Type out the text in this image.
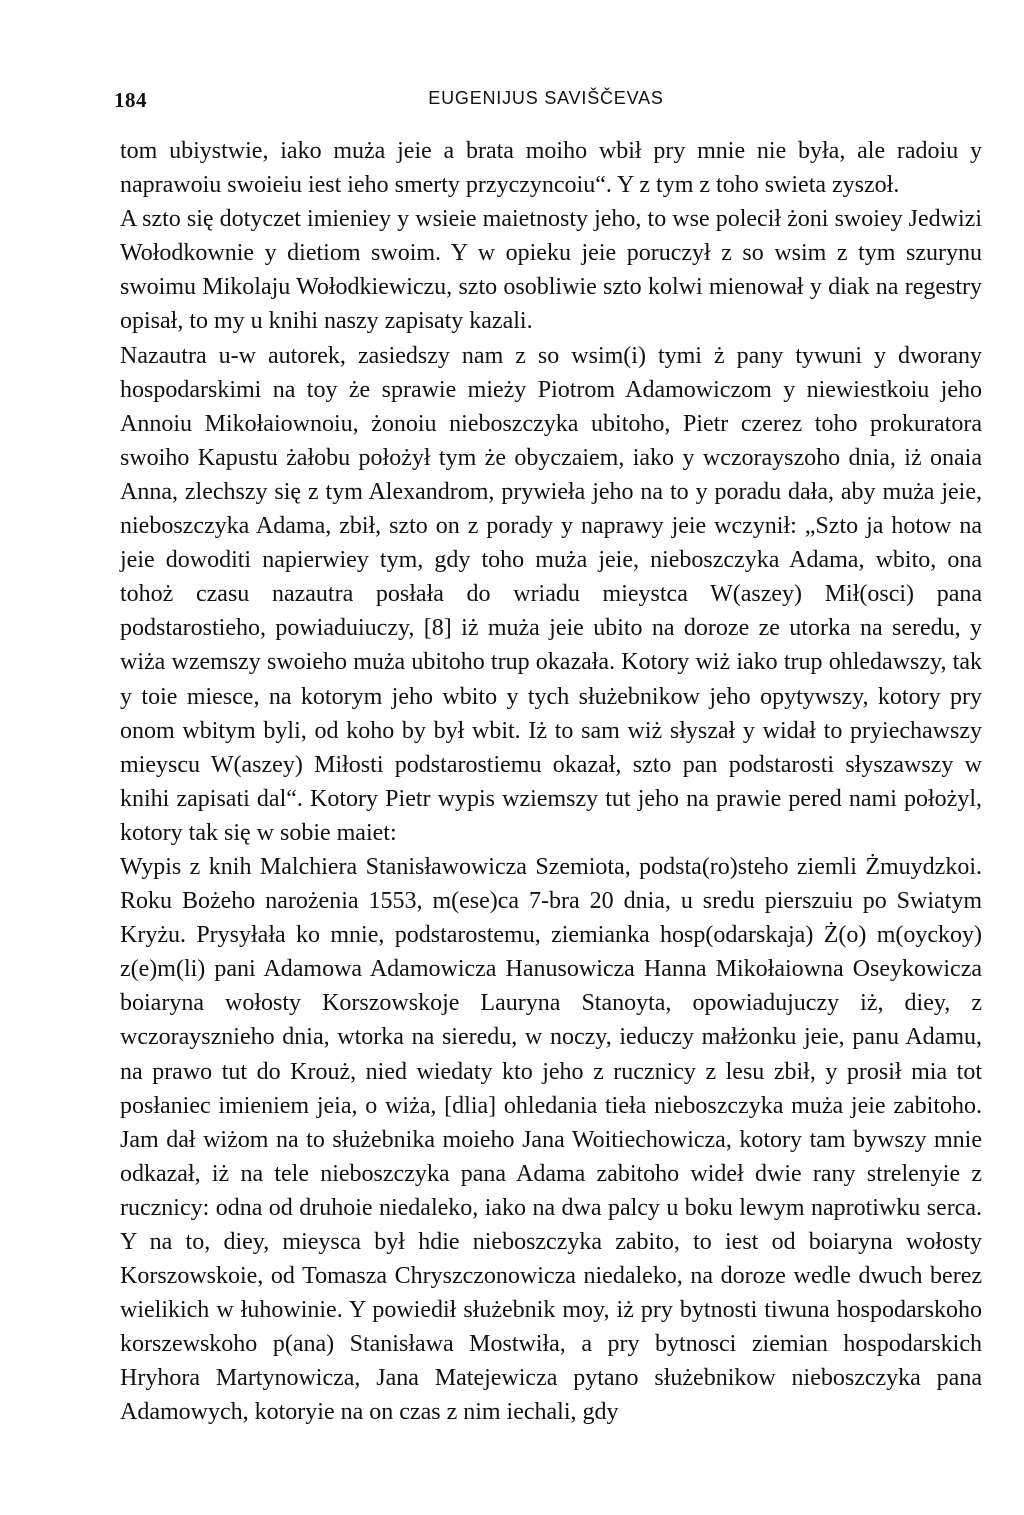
184	EUGENIJUS SAVIŠČEVAS

tom ubiystwie, iako muża jeie a brata moiho wbił pry mnie nie była, ale radoiu y naprawoiu swoieiu iest ieho smerty przyczyncoiu“. Y z tym z toho swieta zyszoł.

A szto się dotyczet imieniey y wsieie maietnosty jeho, to wse polecił żoni swoiey Jedwizi Wołodkownie y dietiom swoim. Y w opieku jeie poruczył z so wsim z tym szurynu swoimu Mikolaju Wołodkiewiczu, szto osobliwie szto kolwi mienował y diak na regestry opisał, to my u knihi naszy zapisaty kazali.

Nazautra u-w autorek, zasiedszy nam z so wsim(i) tymi ż pany tywuni y dworany hospodarskimi na toy że sprawie mieży Piotrom Adamowiczom y niewiestkoiu jeho Annoiu Mikołaiownoiu, żonoiu nieboszczyka ubitoho, Pietr czerez toho prokuratora swoiho Kapustu żałobu położył tym że obyczaiem, iako y wczorayszoho dnia, iż onaia Anna, zlechszy się z tym Alexandrom, prywieła jeho na to y poradu dała, aby muża jeie, nieboszczyka Adama, zbił, szto on z porady y naprawy jeie wczynił: „Szto ja hotow na jeie dowoditi napierwiey tym, gdy toho muża jeie, nieboszczyka Adama, wbito, ona tohoż czasu nazautra posłała do wriadu mieystca W(aszey) Mił(osci) pana podstarostieho, powiaduiuczy, [8] iż muża jeie ubito na doroze ze utorka na seredu, y wiża wzemszy swoieho muża ubitoho trup okazała. Kotory wiż iako trup ohledawszy, tak y toie miesce, na kotorym jeho wbito y tych służebnikow jeho opytywszy, kotory pry onom wbitym byli, od koho by był wbit. Iż to sam wiż słyszał y widał to pryiechawszy mieyscu W(aszey) Miłosti podstarostiemu okazał, szto pan podstarosti słyszawszy w knihi zapisati dal“. Kotory Pietr wypis wziemszy tut jeho na prawie pered nami położyl, kotory tak się w sobie maiet:

Wypis z knih Malchiera Stanisławowicza Szemiota, podsta(ro)steho ziemli Żmuydzkoi. Roku Bożeho narożenia 1553, m(ese)ca 7-bra 20 dnia, u sredu pierszuiu po Swiatym Kryżu. Prysyłała ko mnie, podstarostemu, ziemianka hosp(odarskaja) Ż(o) m(oyckoy) z(e)m(li) pani Adamowa Adamowicza Hanusowicza Hanna Mikołaiowna Oseykowicza boiaryna wołosty Korszowskoje Lauryna Stanoyta, opowiadujuczy iż, diey, z wczorayszniehо dnia, wtorka na sieredu, w noczy, ieduczy małżonku jeie, panu Adamu, na prawo tut do Krouż, nied wiedaty kto jeho z rucznicy z lesu zbił, y prosił mia tot posłaniec imieniem jeia, o wiża, [dlia] ohledania tieła nieboszczyka muża jeie zabitoho. Jam dał wiżom na to służebnika moieho Jana Woitiechowicza, kotory tam bywszy mnie odkazał, iż na tele nieboszczyka pana Adama zabitoho wideł dwie rany strelenyie z rucznicy: odna od druhoie niedaleko, iako na dwa palcy u boku lewym naprotiwku serca. Y na to, diey, mieysca był hdie nieboszczyka zabito, to iest od boiaryna wołosty Korszowskoie, od Tomasza Chryszczonowicza niedaleko, na doroze wedle dwuch berez wielikich w łuhowinie. Y powiedił służebnik moy, iż pry bytnosti tiwuna hospodarskoho korszewskoho p(ana) Stanisława Mostwiła, a pry bytnosci ziemian hospodarskich Hryhora Martynowicza, Jana Matejewicza pytano służebnikow nieboszczyka pana Adamowych, kotoryie na on czas z nim iechali, gdy
